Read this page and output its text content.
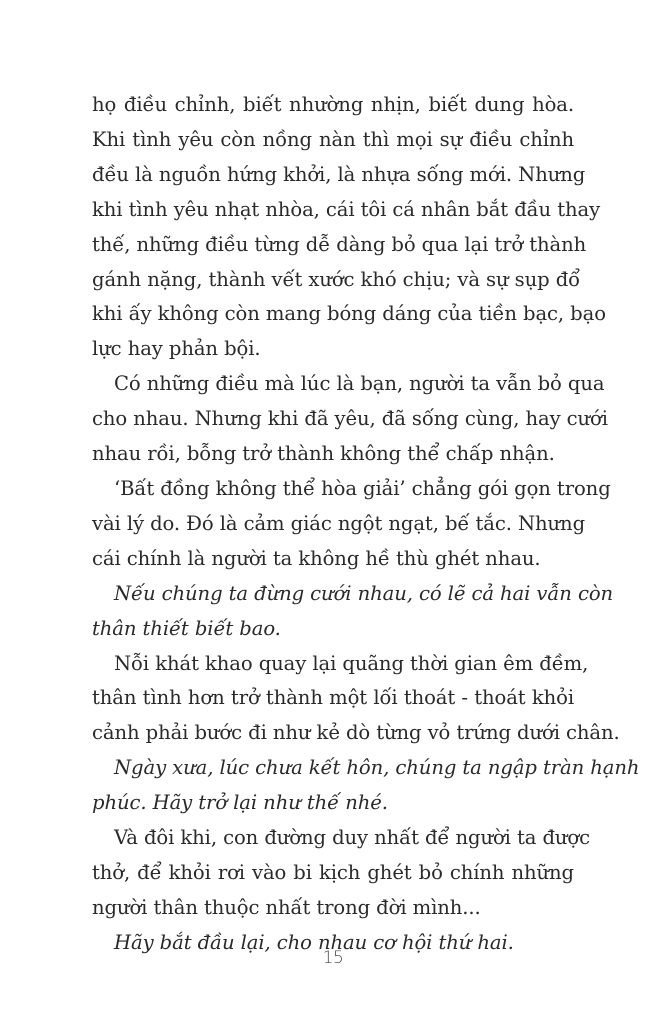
họ điều chỉnh, biết nhường nhịn, biết dung hòa.
Khi tình yêu còn nồng nàn thì mọi sự điều chỉnh
đều là nguồn hứng khởi, là nhựa sống mới. Nhưng
khi tình yêu nhạt nhòa, cái tôi cá nhân bắt đầu thay
thế, những điều từng dễ dàng bỏ qua lại trở thành
gánh nặng, thành vết xước khó chịu; và sự sụp đổ
khi ấy không còn mang bóng dáng của tiền bạc, bạo
lực hay phản bội.

Có những điều mà lúc là bạn, người ta vẫn bỏ qua
cho nhau. Nhưng khi đã yêu, đã sống cùng, hay cưới
nhau rồi, bỗng trở thành không thể chấp nhận.

‘Bất đồng không thể hòa giải’ chẳng gói gọn trong
vài lý do. Đó là cảm giác ngột ngạt, bế tắc. Nhưng
cái chính là người ta không hề thù ghét nhau.

Nếu chúng ta đừng cưới nhau, có lẽ cả hai vẫn còn
thân thiết biết bao.

Nỗi khát khao quay lại quãng thời gian êm đềm,
thân tình hơn trở thành một lối thoát - thoát khỏi
cảnh phải bước đi như kẻ dò từng vỏ trứng dưới chân.

Ngày xưa, lúc chưa kết hôn, chúng ta ngập tràn hạnh
phúc. Hãy trở lại như thế nhé.

Và đôi khi, con đường duy nhất để người ta được
thở, để khỏi rơi vào bi kịch ghét bỏ chính những
người thân thuộc nhất trong đời mình...

Hãy bắt đầu lại, cho nhau cơ hội thứ hai.

15
